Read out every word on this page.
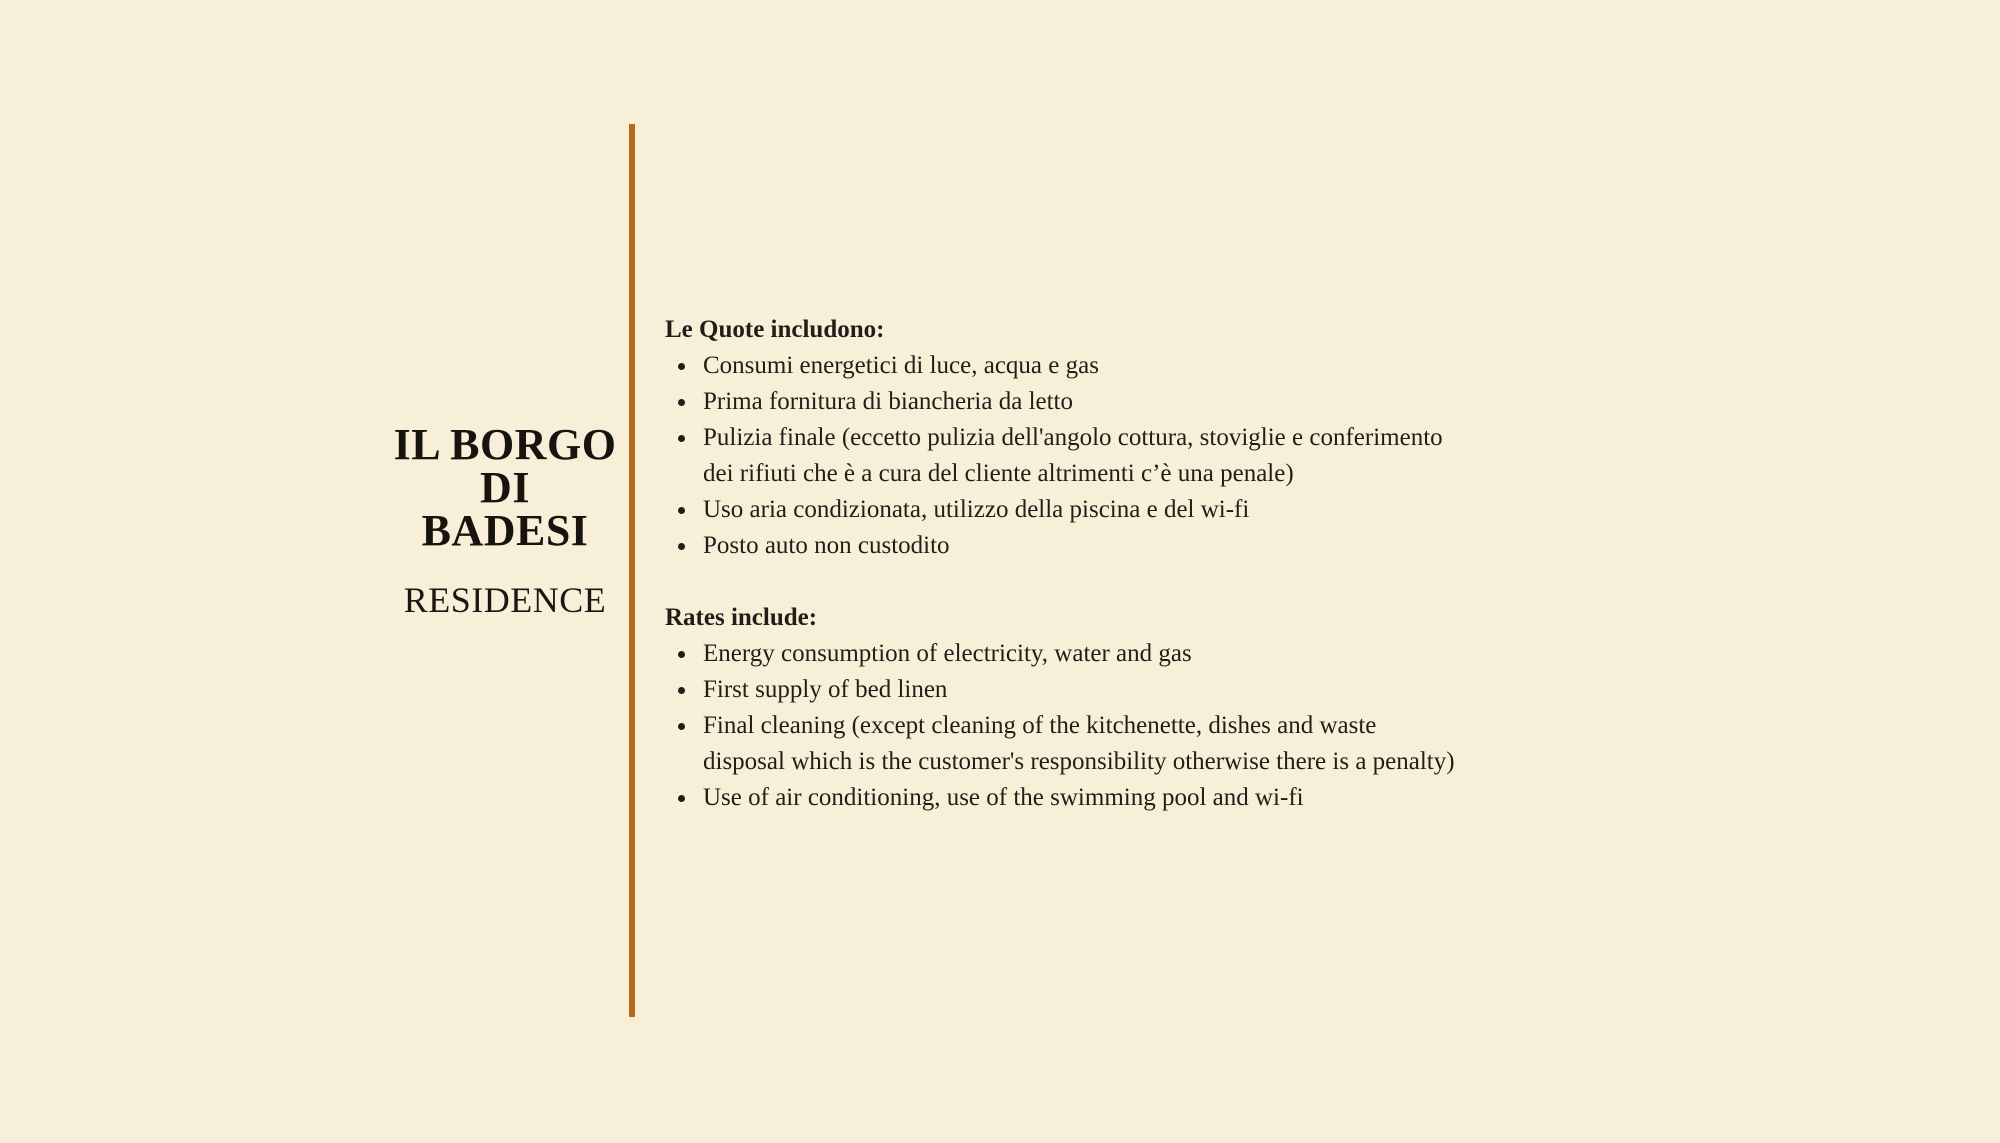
IL BORGO
DI
BADESI
RESIDENCE

Le Quote includono:

Consumi energetici di luce, acqua e gas
Prima fornitura di biancheria da letto
Pulizia finale (eccetto pulizia dell'angolo cottura, stoviglie e conferimento dei rifiuti che è a cura del cliente altrimenti c’è una penale)
Uso aria condizionata, utilizzo della piscina e del wi-fi
Posto auto non custodito

Rates include:

Energy consumption of electricity, water and gas
First supply of bed linen
Final cleaning (except cleaning of the kitchenette, dishes and waste disposal which is the customer's responsibility otherwise there is a penalty)
Use of air conditioning, use of the swimming pool and wi-fi
